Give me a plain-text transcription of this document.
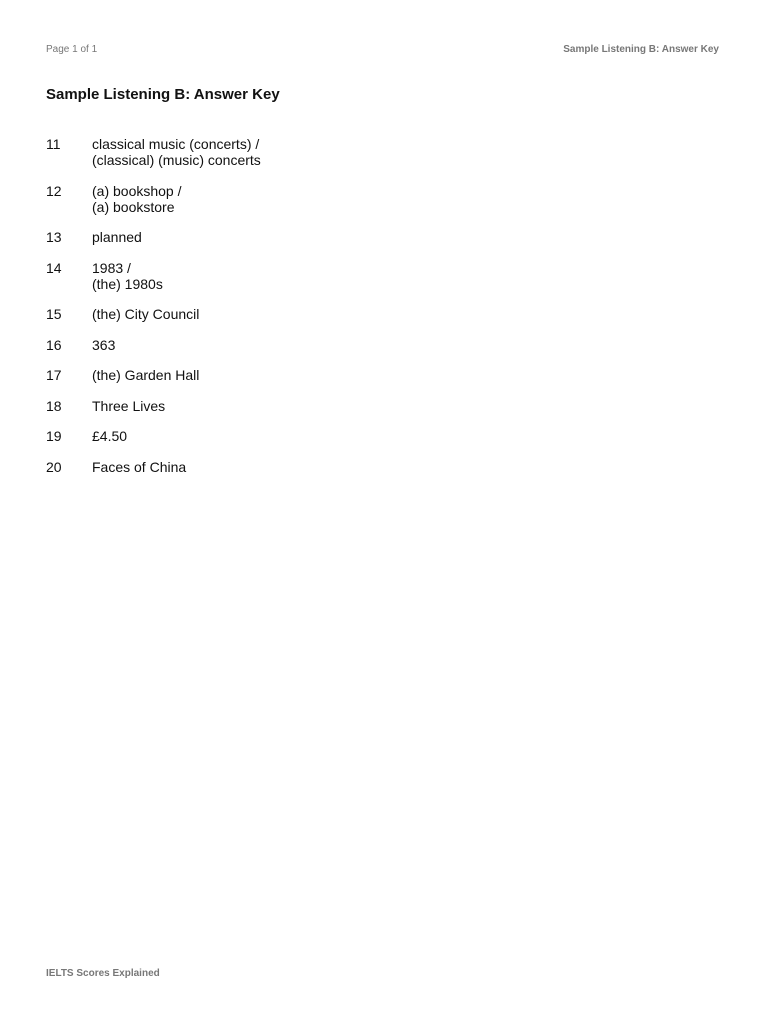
Page 1 of 1	Sample Listening B: Answer Key
Sample Listening B: Answer Key
11	classical music (concerts) /
(classical) (music) concerts
12	(a) bookshop /
(a) bookstore
13	planned
14	1983 /
(the) 1980s
15	(the) City Council
16	363
17	(the) Garden Hall
18	Three Lives
19	£4.50
20	Faces of China
IELTS Scores Explained
